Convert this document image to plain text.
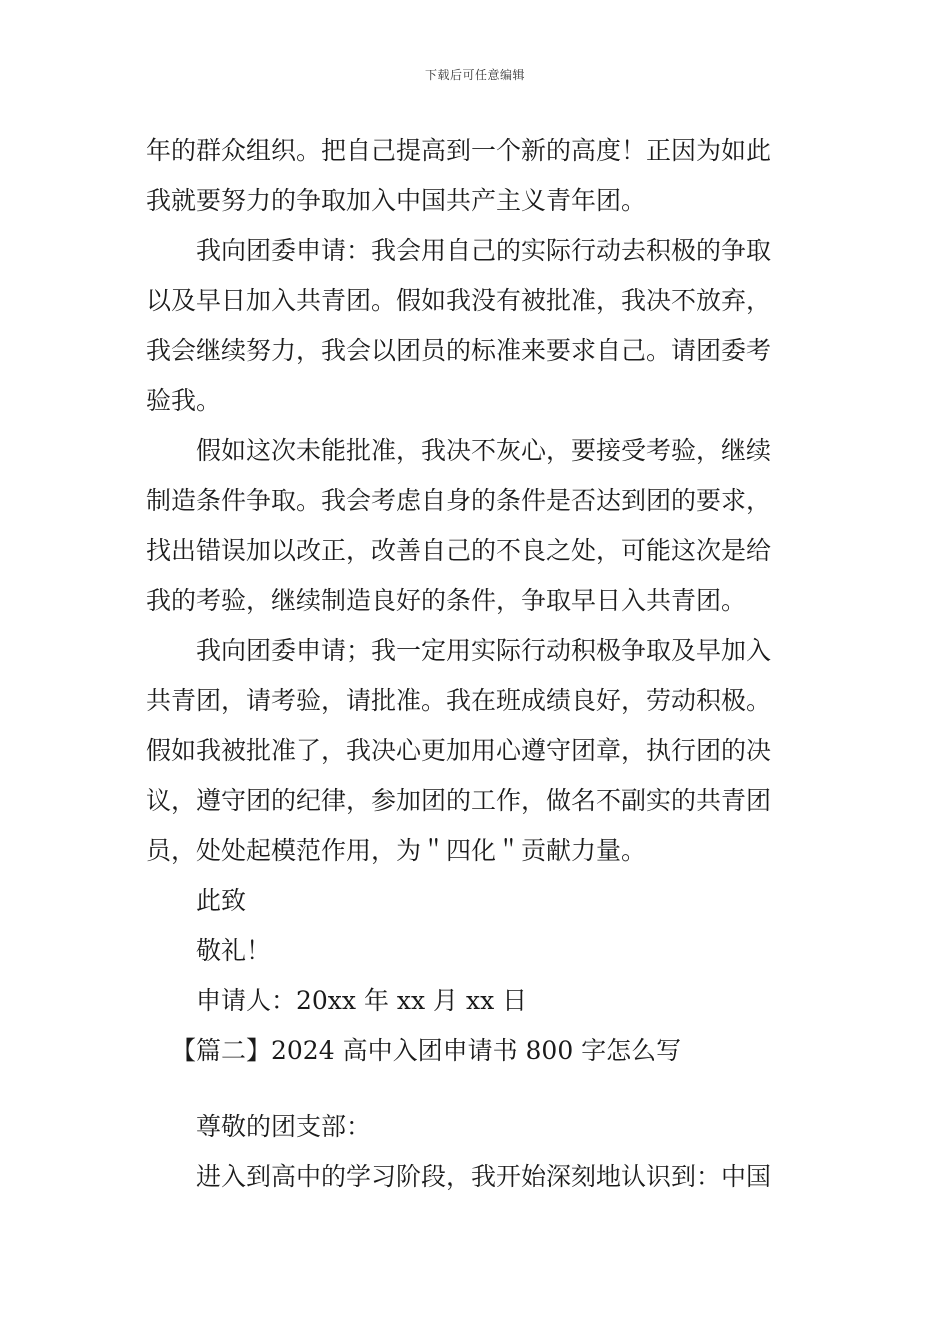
下载后可任意编辑
年的群众组织。把自己提高到一个新的高度！正因为如此
我就要努力的争取加入中国共产主义青年团。
我向团委申请：我会用自己的实际行动去积极的争取
以及早日加入共青团。假如我没有被批准，我决不放弃，
我会继续努力，我会以团员的标准来要求自己。请团委考
验我。
假如这次未能批准，我决不灰心，要接受考验，继续
制造条件争取。我会考虑自身的条件是否达到团的要求，
找出错误加以改正，改善自己的不良之处，可能这次是给
我的考验，继续制造良好的条件，争取早日入共青团。
我向团委申请；我一定用实际行动积极争取及早加入
共青团，请考验，请批准。我在班成绩良好，劳动积极。
假如我被批准了，我决心更加用心遵守团章，执行团的决
议，遵守团的纪律，参加团的工作，做名不副实的共青团
员，处处起模范作用，为＂四化＂贡献力量。
此致
敬礼！
申请人：20xx 年 xx 月 xx 日
【篇二】2024 高中入团申请书 800 字怎么写
尊敬的团支部：
进入到高中的学习阶段，我开始深刻地认识到：中国
